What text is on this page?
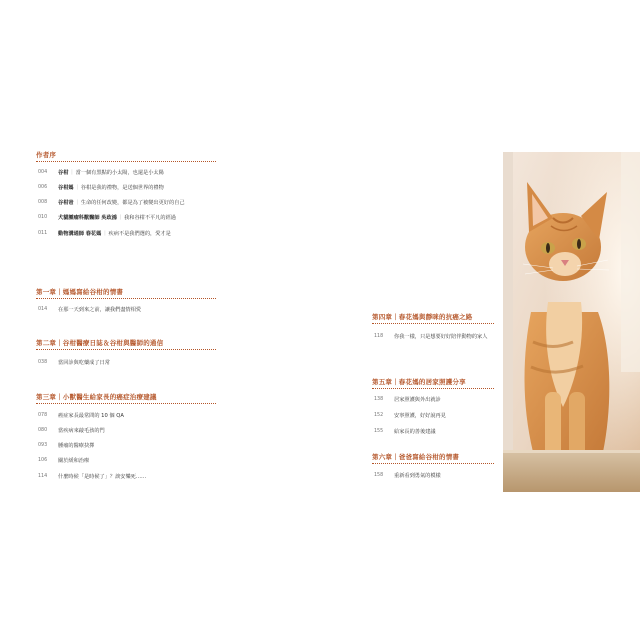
作者序
004 谷柑｜當一個有黑點的小太陽，也還是小太陽
006 谷柑媽｜谷柑是我的禮物，是送個世界的禮物
008 谷柑爸｜生命的任何改變，都是為了被變出更好的自己
010 犬貓腫瘤科獸醫師 吳政鴻｜我和谷柑不平凡的經過
011 動物溝通師 春花媽｜疾病不是我們選的，愛才是
第一章｜媽媽寫給谷柑的情書
014 在那一天到來之前，讓我們盡情相愛
第二章｜谷柑醫療日誌＆谷柑與醫師的通信
038 當回診與吃藥成了日常
第三章｜小獸醫生給家長的癌症治療建議
078 癌症家長最常問的 10 個 QA
080 當疾病來敲毛孩的門
093 腫瘤的醫療抉擇
106 關於緩和治療
114 什麼時候「是時候了」？談安樂死……
第四章｜春花媽與靜咪的抗癌之路
118 你我一樣，只是想要好好陪伴動物的家人
第五章｜春花媽的居家照護分享
138 居家照護與外出就診
152 安寧照護，好好說再見
155 給家長的善後建議
第六章｜爸爸寫給谷柑的情書
158 重新看到勇氣的模樣
